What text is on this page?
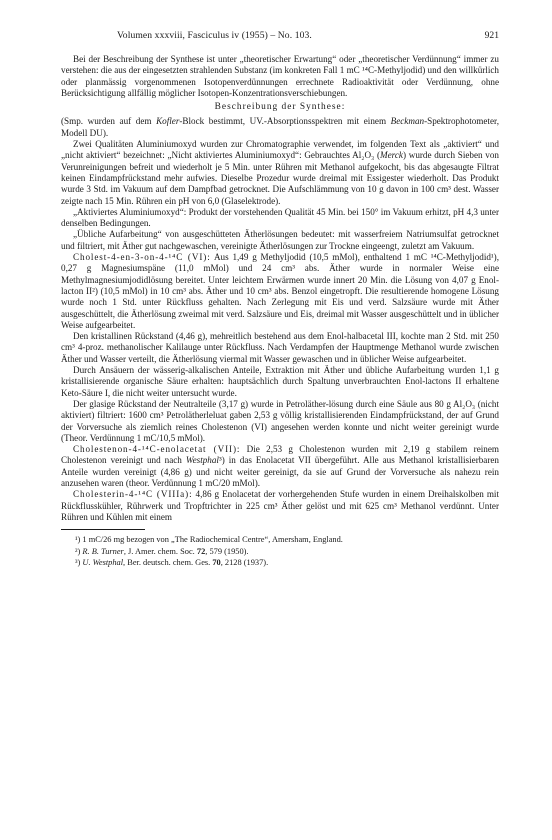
Volumen xxxviii, Fasciculus iv (1955) – No. 103.	921

Bei der Beschreibung der Synthese ist unter „theoretischer Erwartung“ oder „theoretischer Verdünnung“ immer zu verstehen: die aus der eingesetzten strahlenden Substanz (im konkreten Fall 1 mC ¹⁴C-Methyljodid) und den willkürlich oder planmässig vorgenommenen Isotopenverdünnungen errechnete Radioaktivität oder Verdünnung, ohne Berücksichtigung allfällig möglicher Isotopen-Konzentrationsverschiebungen.

Beschreibung der Synthese:

(Smp. wurden auf dem Kofler-Block bestimmt, UV.-Absorptionsspektren mit einem Beckman-Spektrophotometer, Modell DU).

Zwei Qualitäten Aluminiumoxyd wurden zur Chromatographie verwendet, im folgenden Text als „aktiviert“ und „nicht aktiviert“ bezeichnet: „Nicht aktiviertes Aluminiumoxyd“: Gebrauchtes Al₂O₃ (Merck) wurde durch Sieben von Verunreinigungen befreit und wiederholt je 5 Min. unter Rühren mit Methanol aufgekocht, bis das abgesaugte Filtrat keinen Eindampfrückstand mehr aufwies. Dieselbe Prozedur wurde dreimal mit Essigester wiederholt. Das Produkt wurde 3 Std. im Vakuum auf dem Dampfbad getrocknet. Die Aufschlämmung von 10 g davon in 100 cm³ dest. Wasser zeigte nach 15 Min. Rühren ein pH von 6,0 (Glaselektrode).

„Aktiviertes Aluminiumoxyd“: Produkt der vorstehenden Qualität 45 Min. bei 150° im Vakuum erhitzt, pH 4,3 unter denselben Bedingungen.

„Übliche Aufarbeitung“ von ausgeschütteten Ätherlösungen bedeutet: mit wasserfreiem Natriumsulfat getrocknet und filtriert, mit Äther gut nachgewaschen, vereinigte Ätherlösungen zur Trockne eingeengt, zuletzt am Vakuum.

Cholest-4-en-3-on-4-¹⁴C (VI): Aus 1,49 g Methyljodid (10,5 mMol), enthaltend 1 mC ¹⁴C-Methyljodid¹), 0,27 g Magnesiumspäne (11,0 mMol) und 24 cm³ abs. Äther wurde in normaler Weise eine Methylmagnesiumjodidlösung bereitet. Unter leichtem Erwärmen wurde innert 20 Min. die Lösung von 4,07 g Enol-lacton II²) (10,5 mMol) in 10 cm³ abs. Äther und 10 cm³ abs. Benzol eingetropft. Die resultierende homogene Lösung wurde noch 1 Std. unter Rückfluss gehalten. Nach Zerlegung mit Eis und verd. Salzsäure wurde mit Äther ausgeschüttelt, die Ätherlösung zweimal mit verd. Salzsäure und Eis, dreimal mit Wasser ausgeschüttelt und in üblicher Weise aufgearbeitet.

Den kristallinen Rückstand (4,46 g), mehreitlich bestehend aus dem Enol-halbacetal III, kochte man 2 Std. mit 250 cm³ 4-proz. methanolischer Kalilauge unter Rückfluss. Nach Verdampfen der Hauptmenge Methanol wurde zwischen Äther und Wasser verteilt, die Ätherlösung viermal mit Wasser gewaschen und in üblicher Weise aufgearbeitet.

Durch Ansäuern der wässerig-alkalischen Anteile, Extraktion mit Äther und übliche Aufarbeitung wurden 1,1 g kristallisierende organische Säure erhalten: hauptsächlich durch Spaltung unverbrauchten Enol-lactons II erhaltene Keto-Säure I, die nicht weiter untersucht wurde.

Der glasige Rückstand der Neutralteile (3,17 g) wurde in Petroläther-lösung durch eine Säule aus 80 g Al₂O₃ (nicht aktiviert) filtriert: 1600 cm³ Petrolätherleluat gaben 2,53 g völlig kristallisierenden Eindampfrückstand, der auf Grund der Vorversuche als ziemlich reines Cholestenon (VI) angesehen werden konnte und nicht weiter gereinigt wurde (Theor. Verdünnung 1 mC/10,5 mMol).

Cholestenon-4-¹⁴C-enolacetat (VII): Die 2,53 g Cholestenon wurden mit 2,19 g stabilem reinem Cholestenon vereinigt und nach Westphal³) in das Enolacetat VII übergeführt. Alle aus Methanol kristallisierbaren Anteile wurden vereinigt (4,86 g) und nicht weiter gereinigt, da sie auf Grund der Vorversuche als nahezu rein anzusehen waren (theor. Verdünnung 1 mC/20 mMol).

Cholesterin-4-¹⁴C (VIIIa): 4,86 g Enolacetat der vorhergehenden Stufe wurden in einem Dreihalskolben mit Rückflusskühler, Rührwerk und Tropftrichter in 225 cm³ Äther gelöst und mit 625 cm³ Methanol verdünnt. Unter Rühren und Kühlen mit einem

¹) 1 mC/26 mg bezogen von „The Radiochemical Centre“, Amersham, England.
²) R. B. Turner, J. Amer. chem. Soc. 72, 579 (1950).
³) U. Westphal, Ber. deutsch. chem. Ges. 70, 2128 (1937).
